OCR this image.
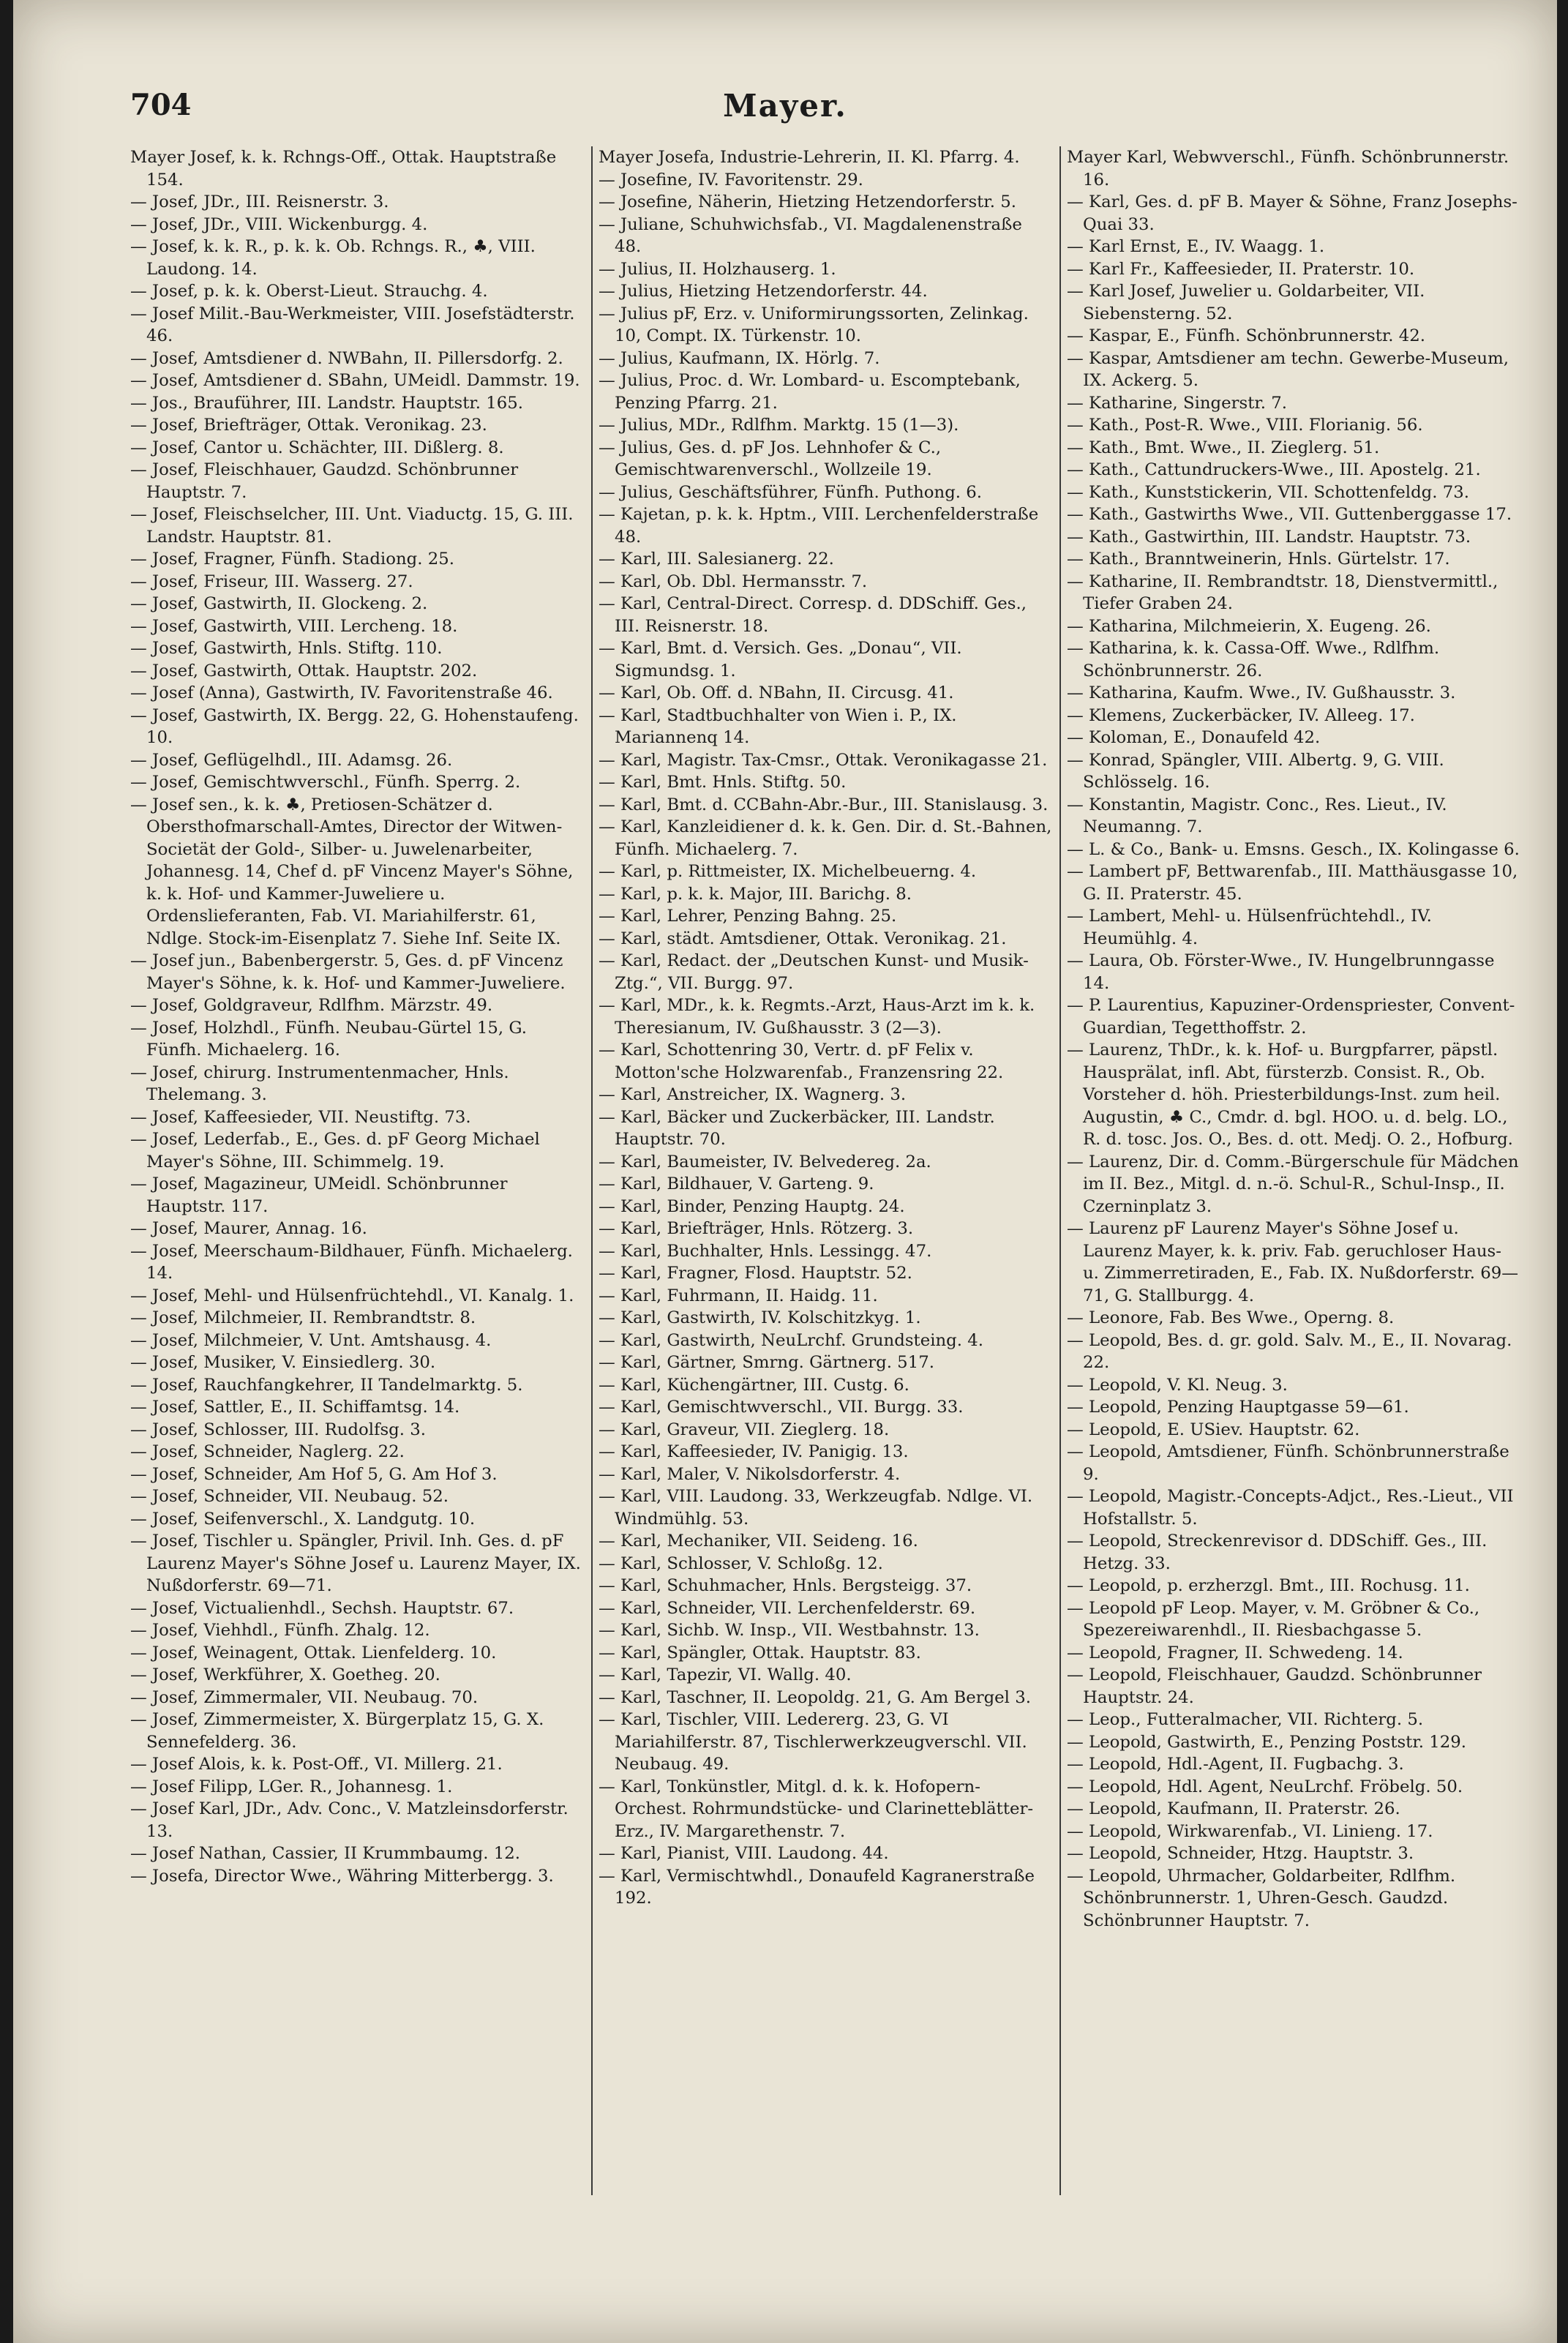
704	Mayer.

Mayer Josef, k. k. Rchngs-Off., Ottak. Hauptstraße 154.

— Josef, JDr., III. Reisnerstr. 3.

— Josef, JDr., VIII. Wickenburgg. 4.

— Josef, k. k. R., p. k. k. Ob. Rchngs. R., ♣, VIII. Laudong. 14.

— Josef, p. k. k. Oberst-Lieut. Strauchg. 4.

— Josef Milit.-Bau-Werkmeister, VIII. Josefstädterstr. 46.

— Josef, Amtsdiener d. NWBahn, II. Pillersdorfg. 2.

— Josef, Amtsdiener d. SBahn, UMeidl. Dammstr. 19.

— Jos., Brauführer, III. Landstr. Hauptstr. 165.

— Josef, Briefträger, Ottak. Veronikag. 23.

— Josef, Cantor u. Schächter, III. Dißlerg. 8.

— Josef, Fleischhauer, Gaudzd. Schönbrunner Hauptstr. 7.

— Josef, Fleischselcher, III. Unt. Viaductg. 15, G. III. Landstr. Hauptstr. 81.

— Josef, Fragner, Fünfh. Stadiong. 25.

— Josef, Friseur, III. Wasserg. 27.

— Josef, Gastwirth, II. Glockeng. 2.

— Josef, Gastwirth, VIII. Lercheng. 18.

— Josef, Gastwirth, Hnls. Stiftg. 110.

— Josef, Gastwirth, Ottak. Hauptstr. 202.

— Josef (Anna), Gastwirth, IV. Favoritenstraße 46.

— Josef, Gastwirth, IX. Bergg. 22, G. Hohenstaufeng. 10.

— Josef, Geflügelhdl., III. Adamsg. 26.

— Josef, Gemischtwverschl., Fünfh. Sperrg. 2.

— Josef sen., k. k. ♣, Pretiosen-Schätzer d. Obersthofmarschall-Amtes, Director der Witwen-Societät der Gold-, Silber- u. Juwelenarbeiter, Johannesg. 14, Chef d. pF Vincenz Mayer's Söhne, k. k. Hof- und Kammer-Juweliere u. Ordenslieferanten, Fab. VI. Mariahilferstr. 61, Ndlge. Stock-im-Eisenplatz 7. Siehe Inf. Seite IX.

— Josef jun., Babenbergerstr. 5, Ges. d. pF Vincenz Mayer's Söhne, k. k. Hof- und Kammer-Juweliere.

— Josef, Goldgraveur, Rdlfhm. Märzstr. 49.

— Josef, Holzhdl., Fünfh. Neubau-Gürtel 15, G. Fünfh. Michaelerg. 16.

— Josef, chirurg. Instrumentenmacher, Hnls. Thelemang. 3.

— Josef, Kaffeesieder, VII. Neustiftg. 73.

— Josef, Lederfab., E., Ges. d. pF Georg Michael Mayer's Söhne, III. Schimmelg. 19.

— Josef, Magazineur, UMeidl. Schönbrunner Hauptstr. 117.

— Josef, Maurer, Annag. 16.

— Josef, Meerschaum-Bildhauer, Fünfh. Michaelerg. 14.

— Josef, Mehl- und Hülsenfrüchtehdl., VI. Kanalg. 1.

— Josef, Milchmeier, II. Rembrandtstr. 8.

— Josef, Milchmeier, V. Unt. Amtshausg. 4.

— Josef, Musiker, V. Einsiedlerg. 30.

— Josef, Rauchfangkehrer, II Tandelmarktg. 5.

— Josef, Sattler, E., II. Schiffamtsg. 14.

— Josef, Schlosser, III. Rudolfsg. 3.

— Josef, Schneider, Naglerg. 22.

— Josef, Schneider, Am Hof 5, G. Am Hof 3.

— Josef, Schneider, VII. Neubaug. 52.

— Josef, Seifenverschl., X. Landgutg. 10.

— Josef, Tischler u. Spängler, Privil. Inh. Ges. d. pF Laurenz Mayer's Söhne Josef u. Laurenz Mayer, IX. Nußdorferstr. 69—71.

— Josef, Victualienhdl., Sechsh. Hauptstr. 67.

— Josef, Viehhdl., Fünfh. Zhalg. 12.

— Josef, Weinagent, Ottak. Lienfelderg. 10.

— Josef, Werkführer, X. Goetheg. 20.

— Josef, Zimmermaler, VII. Neubaug. 70.

— Josef, Zimmermeister, X. Bürgerplatz 15, G. X. Sennefelderg. 36.

— Josef Alois, k. k. Post-Off., VI. Millerg. 21.

— Josef Filipp, LGer. R., Johannesg. 1.

— Josef Karl, JDr., Adv. Conc., V. Matzleinsdorferstr. 13.

— Josef Nathan, Cassier, II Krummbaumg. 12.

— Josefa, Director Wwe., Währing Mitterbergg. 3.

Mayer Josefa, Industrie-Lehrerin, II. Kl. Pfarrg. 4.

— Josefine, IV. Favoritenstr. 29.

— Josefine, Näherin, Hietzing Hetzendorferstr. 5.

— Juliane, Schuhwichsfab., VI. Magdalenenstraße 48.

— Julius, II. Holzhauserg. 1.

— Julius, Hietzing Hetzendorferstr. 44.

— Julius pF, Erz. v. Uniformirungssorten, Zelinkag. 10, Compt. IX. Türkenstr. 10.

— Julius, Kaufmann, IX. Hörlg. 7.

— Julius, Proc. d. Wr. Lombard- u. Escomptebank, Penzing Pfarrg. 21.

— Julius, MDr., Rdlfhm. Marktg. 15 (1—3).

— Julius, Ges. d. pF Jos. Lehnhofer & C., Gemischtwarenverschl., Wollzeile 19.

— Julius, Geschäftsführer, Fünfh. Puthong. 6.

— Kajetan, p. k. k. Hptm., VIII. Lerchenfelderstraße 48.

— Karl, III. Salesianerg. 22.

— Karl, Ob. Dbl. Hermansstr. 7.

— Karl, Central-Direct. Corresp. d. DDSchiff. Ges., III. Reisnerstr. 18.

— Karl, Bmt. d. Versich. Ges. „Donau“, VII. Sigmundsg. 1.

— Karl, Ob. Off. d. NBahn, II. Circusg. 41.

— Karl, Stadtbuchhalter von Wien i. P., IX. Mariannenq 14.

— Karl, Magistr. Tax-Cmsr., Ottak. Veronikagasse 21.

— Karl, Bmt. Hnls. Stiftg. 50.

— Karl, Bmt. d. CCBahn-Abr.-Bur., III. Stanislausg. 3.

— Karl, Kanzleidiener d. k. k. Gen. Dir. d. St.-Bahnen, Fünfh. Michaelerg. 7.

— Karl, p. Rittmeister, IX. Michelbeuerng. 4.

— Karl, p. k. k. Major, III. Barichg. 8.

— Karl, Lehrer, Penzing Bahng. 25.

— Karl, städt. Amtsdiener, Ottak. Veronikag. 21.

— Karl, Redact. der „Deutschen Kunst- und Musik-Ztg.“, VII. Burgg. 97.

— Karl, MDr., k. k. Regmts.-Arzt, Haus-Arzt im k. k. Theresianum, IV. Gußhausstr. 3 (2—3).

— Karl, Schottenring 30, Vertr. d. pF Felix v. Motton'sche Holzwarenfab., Franzensring 22.

— Karl, Anstreicher, IX. Wagnerg. 3.

— Karl, Bäcker und Zuckerbäcker, III. Landstr. Hauptstr. 70.

— Karl, Baumeister, IV. Belvedereg. 2a.

— Karl, Bildhauer, V. Garteng. 9.

— Karl, Binder, Penzing Hauptg. 24.

— Karl, Briefträger, Hnls. Rötzerg. 3.

— Karl, Buchhalter, Hnls. Lessingg. 47.

— Karl, Fragner, Flosd. Hauptstr. 52.

— Karl, Fuhrmann, II. Haidg. 11.

— Karl, Gastwirth, IV. Kolschitzkyg. 1.

— Karl, Gastwirth, NeuLrchf. Grundsteing. 4.

— Karl, Gärtner, Smrng. Gärtnerg. 517.

— Karl, Küchengärtner, III. Custg. 6.

— Karl, Gemischtwverschl., VII. Burgg. 33.

— Karl, Graveur, VII. Zieglerg. 18.

— Karl, Kaffeesieder, IV. Panigig. 13.

— Karl, Maler, V. Nikolsdorferstr. 4.

— Karl, VIII. Laudong. 33, Werkzeugfab. Ndlge. VI. Windmühlg. 53.

— Karl, Mechaniker, VII. Seideng. 16.

— Karl, Schlosser, V. Schloßg. 12.

— Karl, Schuhmacher, Hnls. Bergsteigg. 37.

— Karl, Schneider, VII. Lerchenfelderstr. 69.

— Karl, Sichb. W. Insp., VII. Westbahnstr. 13.

— Karl, Spängler, Ottak. Hauptstr. 83.

— Karl, Tapezir, VI. Wallg. 40.

— Karl, Taschner, II. Leopoldg. 21, G. Am Bergel 3.

— Karl, Tischler, VIII. Ledererg. 23, G. VI Mariahilferstr. 87, Tischlerwerkzeugverschl. VII. Neubaug. 49.

— Karl, Tonkünstler, Mitgl. d. k. k. Hofopern-Orchest. Rohrmundstücke- und Clarinetteblätter-Erz., IV. Margarethenstr. 7.

— Karl, Pianist, VIII. Laudong. 44.

— Karl, Vermischtwhdl., Donaufeld Kagranerstraße 192.

Mayer Karl, Webwverschl., Fünfh. Schönbrunnerstr. 16.

— Karl, Ges. d. pF B. Mayer & Söhne, Franz Josephs-Quai 33.

— Karl Ernst, E., IV. Waagg. 1.

— Karl Fr., Kaffeesieder, II. Praterstr. 10.

— Karl Josef, Juwelier u. Goldarbeiter, VII. Siebensterng. 52.

— Kaspar, E., Fünfh. Schönbrunnerstr. 42.

— Kaspar, Amtsdiener am techn. Gewerbe-Museum, IX. Ackerg. 5.

— Katharine, Singerstr. 7.

— Kath., Post-R. Wwe., VIII. Florianig. 56.

— Kath., Bmt. Wwe., II. Zieglerg. 51.

— Kath., Cattundruckers-Wwe., III. Apostelg. 21.

— Kath., Kunststickerin, VII. Schottenfeldg. 73.

— Kath., Gastwirths Wwe., VII. Guttenberggasse 17.

— Kath., Gastwirthin, III. Landstr. Hauptstr. 73.

— Kath., Branntweinerin, Hnls. Gürtelstr. 17.

— Katharine, II. Rembrandtstr. 18, Dienstvermittl., Tiefer Graben 24.

— Katharina, Milchmeierin, X. Eugeng. 26.

— Katharina, k. k. Cassa-Off. Wwe., Rdlfhm. Schönbrunnerstr. 26.

— Katharina, Kaufm. Wwe., IV. Gußhausstr. 3.

— Klemens, Zuckerbäcker, IV. Alleeg. 17.

— Koloman, E., Donaufeld 42.

— Konrad, Spängler, VIII. Albertg. 9, G. VIII. Schlösselg. 16.

— Konstantin, Magistr. Conc., Res. Lieut., IV. Neumanng. 7.

— L. & Co., Bank- u. Emsns. Gesch., IX. Kolingasse 6.

— Lambert pF, Bettwarenfab., III. Matthäusgasse 10, G. II. Praterstr. 45.

— Lambert, Mehl- u. Hülsenfrüchtehdl., IV. Heumühlg. 4.

— Laura, Ob. Förster-Wwe., IV. Hungelbrunngasse 14.

— P. Laurentius, Kapuziner-Ordenspriester, Convent-Guardian, Tegetthoffstr. 2.

— Laurenz, ThDr., k. k. Hof- u. Burgpfarrer, päpstl. Hausprälat, infl. Abt, fürsterzb. Consist. R., Ob. Vorsteher d. höh. Priesterbildungs-Inst. zum heil. Augustin, ♣ C., Cmdr. d. bgl. HOO. u. d. belg. LO., R. d. tosc. Jos. O., Bes. d. ott. Medj. O. 2., Hofburg.

— Laurenz, Dir. d. Comm.-Bürgerschule für Mädchen im II. Bez., Mitgl. d. n.-ö. Schul-R., Schul-Insp., II. Czerninplatz 3.

— Laurenz pF Laurenz Mayer's Söhne Josef u. Laurenz Mayer, k. k. priv. Fab. geruchloser Haus- u. Zimmerretiraden, E., Fab. IX. Nußdorferstr. 69—71, G. Stallburgg. 4.

— Leonore, Fab. Bes Wwe., Operng. 8.

— Leopold, Bes. d. gr. gold. Salv. M., E., II. Novarag. 22.

— Leopold, V. Kl. Neug. 3.

— Leopold, Penzing Hauptgasse 59—61.

— Leopold, E. USiev. Hauptstr. 62.

— Leopold, Amtsdiener, Fünfh. Schönbrunnerstraße 9.

— Leopold, Magistr.-Concepts-Adjct., Res.-Lieut., VII Hofstallstr. 5.

— Leopold, Streckenrevisor d. DDSchiff. Ges., III. Hetzg. 33.

— Leopold, p. erzherzgl. Bmt., III. Rochusg. 11.

— Leopold pF Leop. Mayer, v. M. Gröbner & Co., Spezereiwarenhdl., II. Riesbachgasse 5.

— Leopold, Fragner, II. Schwedeng. 14.

— Leopold, Fleischhauer, Gaudzd. Schönbrunner Hauptstr. 24.

— Leop., Futteralmacher, VII. Richterg. 5.

— Leopold, Gastwirth, E., Penzing Poststr. 129.

— Leopold, Hdl.-Agent, II. Fugbachg. 3.

— Leopold, Hdl. Agent, NeuLrchf. Fröbelg. 50.

— Leopold, Kaufmann, II. Praterstr. 26.

— Leopold, Wirkwarenfab., VI. Linieng. 17.

— Leopold, Schneider, Htzg. Hauptstr. 3.

— Leopold, Uhrmacher, Goldarbeiter, Rdlfhm. Schönbrunnerstr. 1, Uhren-Gesch. Gaudzd. Schönbrunner Hauptstr. 7.
